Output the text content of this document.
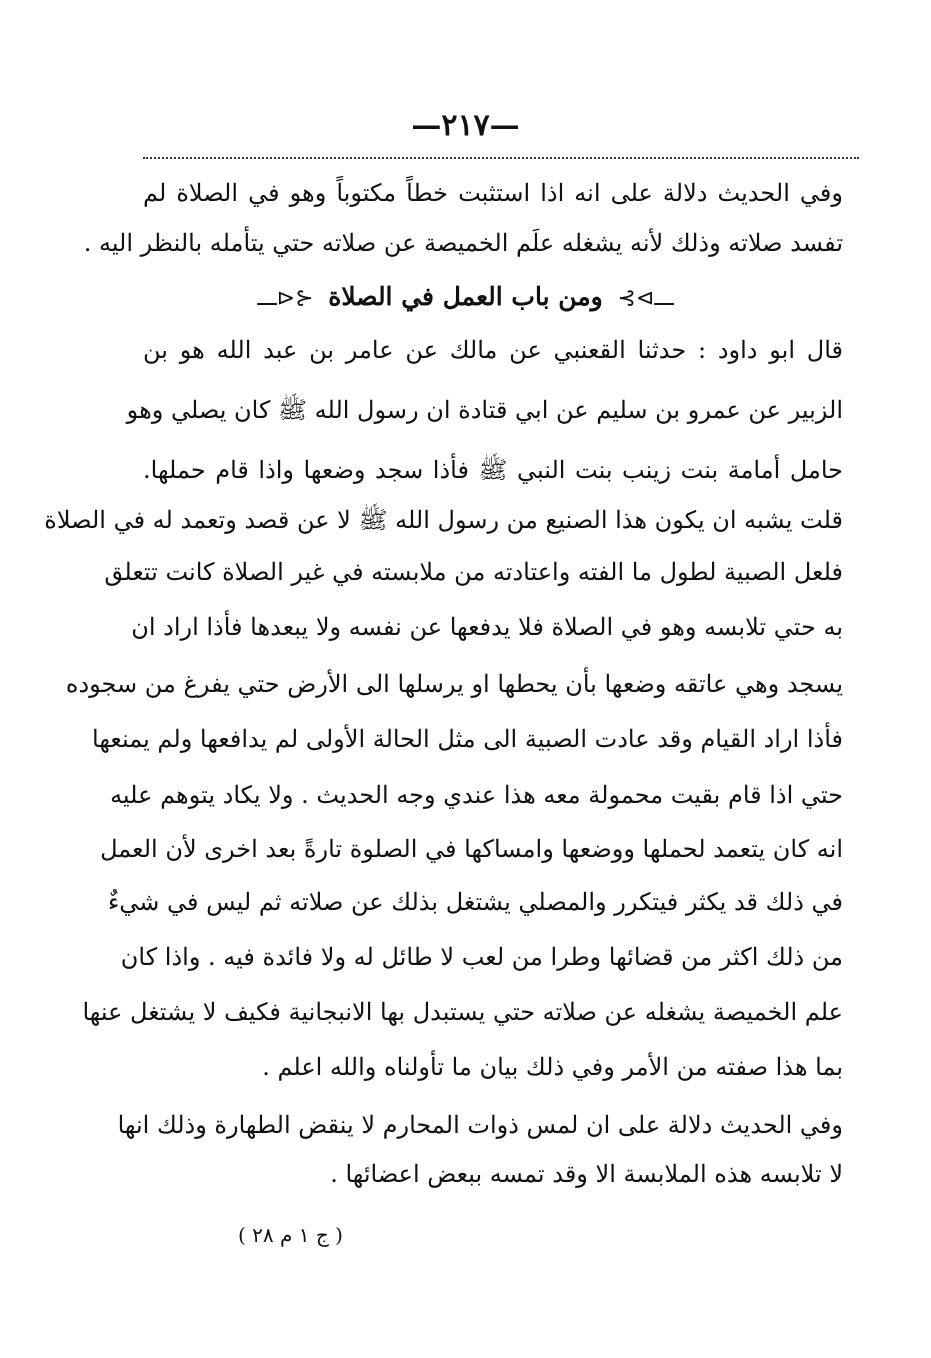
—٢١٧—
وفي الحديث دلالة على انه اذا استثبت خطاً مكتوباً وهو في الصلاة لم
تفسد صلاته وذلك لأنه يشغله علَم الخميصة عن صلاته حتي يتأمله بالنظر اليه .
ـــ⊳⊱ ومن باب العمل في الصلاة ⊰⊲ـــ
قال ابو داود : حدثنا القعنبي عن مالك عن عامر بن عبد الله هو بن
الزبير عن عمرو بن سليم عن ابي قتادة ان رسول الله ﷺ كان يصلي وهو
حامل أمامة بنت زينب بنت النبي ﷺ فأذا سجد وضعها واذا قام حملها.
قلت يشبه ان يكون هذا الصنيع من رسول الله ﷺ لا عن قصد وتعمد له في الصلاة
فلعل الصبية لطول ما الفته واعتادته من ملابسته في غير الصلاة كانت تتعلق
به حتي تلابسه وهو في الصلاة فلا يدفعها عن نفسه ولا يبعدها فأذا اراد ان
يسجد وهي عاتقه وضعها بأن يحطها او يرسلها الى الأرض حتي يفرغ من سجوده
فأذا اراد القيام وقد عادت الصبية الى مثل الحالة الأولى لم يدافعها ولم يمنعها
حتي اذا قام بقيت محمولة معه هذا عندي وجه الحديث . ولا يكاد يتوهم عليه
انه كان يتعمد لحملها ووضعها وامساكها في الصلوة تارةً بعد اخرى لأن العمل
في ذلك قد يكثر فيتكرر والمصلي يشتغل بذلك عن صلاته ثم ليس في شيءٌ
من ذلك اكثر من قضائها وطرا من لعب لا طائل له ولا فائدة فيه . واذا كان
علم الخميصة يشغله عن صلاته حتي يستبدل بها الانبجانية فكيف لا يشتغل عنها
بما هذا صفته من الأمر وفي ذلك بيان ما تأولناه والله اعلم .
وفي الحديث دلالة على ان لمس ذوات المحارم لا ينقض الطهارة وذلك انها
لا تلابسه هذه الملابسة الا وقد تمسه ببعض اعضائها .
( ج ١ م ٢٨ )
